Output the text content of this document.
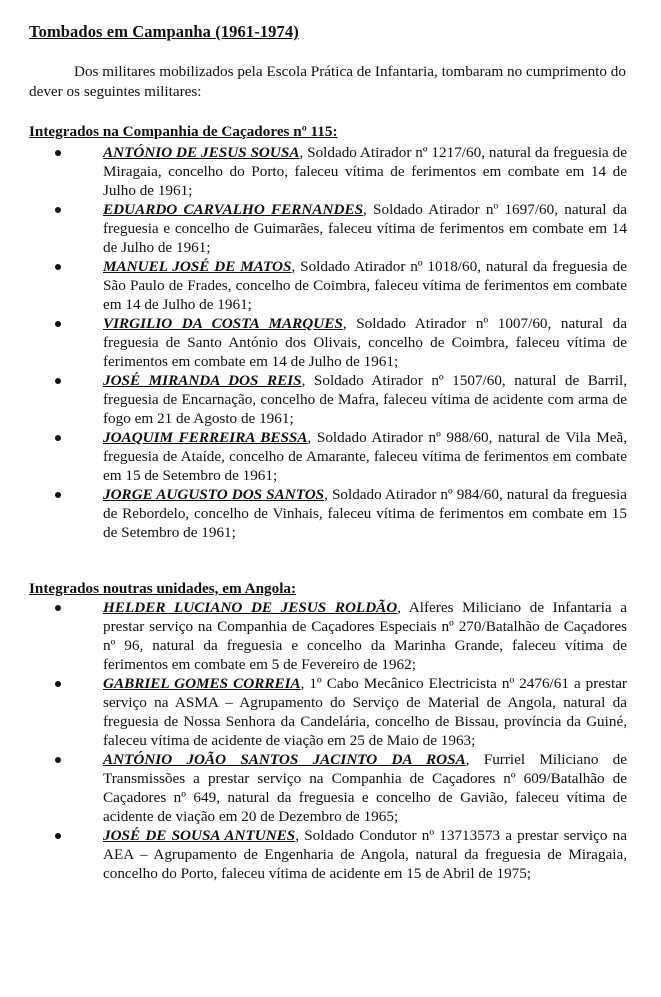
Tombados em Campanha (1961-1974)
Dos militares mobilizados pela Escola Prática de Infantaria, tombaram no cumprimento do dever os seguintes militares:
Integrados na Companhia de Caçadores nº 115:
ANTÓNIO DE JESUS SOUSA, Soldado Atirador nº 1217/60, natural da freguesia de Miragaia, concelho do Porto, faleceu vítima de ferimentos em combate em 14 de Julho de 1961;
EDUARDO CARVALHO FERNANDES, Soldado Atirador nº 1697/60, natural da freguesia e concelho de Guimarães, faleceu vítima de ferimentos em combate em 14 de Julho de 1961;
MANUEL JOSÉ DE MATOS, Soldado Atirador nº 1018/60, natural da freguesia de São Paulo de Frades, concelho de Coimbra, faleceu vítima de ferimentos em combate em 14 de Julho de 1961;
VIRGILIO DA COSTA MARQUES, Soldado Atirador nº 1007/60, natural da freguesia de Santo António dos Olivais, concelho de Coimbra, faleceu vítima de ferimentos em combate em 14 de Julho de 1961;
JOSÉ MIRANDA DOS REIS, Soldado Atirador nº 1507/60, natural de Barril, freguesia de Encarnação, concelho de Mafra, faleceu vítima de acidente com arma de fogo em 21 de Agosto de 1961;
JOAQUIM FERREIRA BESSA, Soldado Atirador nº 988/60, natural de Vila Meã, freguesia de Ataíde, concelho de Amarante, faleceu vítima de ferimentos em combate em 15 de Setembro de 1961;
JORGE AUGUSTO DOS SANTOS, Soldado Atirador nº 984/60, natural da freguesia de Rebordelo, concelho de Vinhais, faleceu vítima de ferimentos em combate em 15 de Setembro de 1961;
Integrados noutras unidades, em Angola:
HELDER LUCIANO DE JESUS ROLDÃO, Alferes Miliciano de Infantaria a prestar serviço na Companhia de Caçadores Especiais nº 270/Batalhão de Caçadores nº 96, natural da freguesia e concelho da Marinha Grande, faleceu vítima de ferimentos em combate em 5 de Fevereiro de 1962;
GABRIEL GOMES CORREIA, 1º Cabo Mecânico Electricista nº 2476/61 a prestar serviço na ASMA – Agrupamento do Serviço de Material de Angola, natural da freguesia de Nossa Senhora da Candelária, concelho de Bissau, província da Guiné, faleceu vítima de acidente de viação em 25 de Maio de 1963;
ANTÓNIO JOÃO SANTOS JACINTO DA ROSA, Furriel Miliciano de Transmissões a prestar serviço na Companhia de Caçadores nº 609/Batalhão de Caçadores nº 649, natural da freguesia e concelho de Gavião, faleceu vítima de acidente de viação em 20 de Dezembro de 1965;
JOSÉ DE SOUSA ANTUNES, Soldado Condutor nº 13713573 a prestar serviço na AEA – Agrupamento de Engenharia de Angola, natural da freguesia de Miragaia, concelho do Porto, faleceu vítima de acidente em 15 de Abril de 1975;
